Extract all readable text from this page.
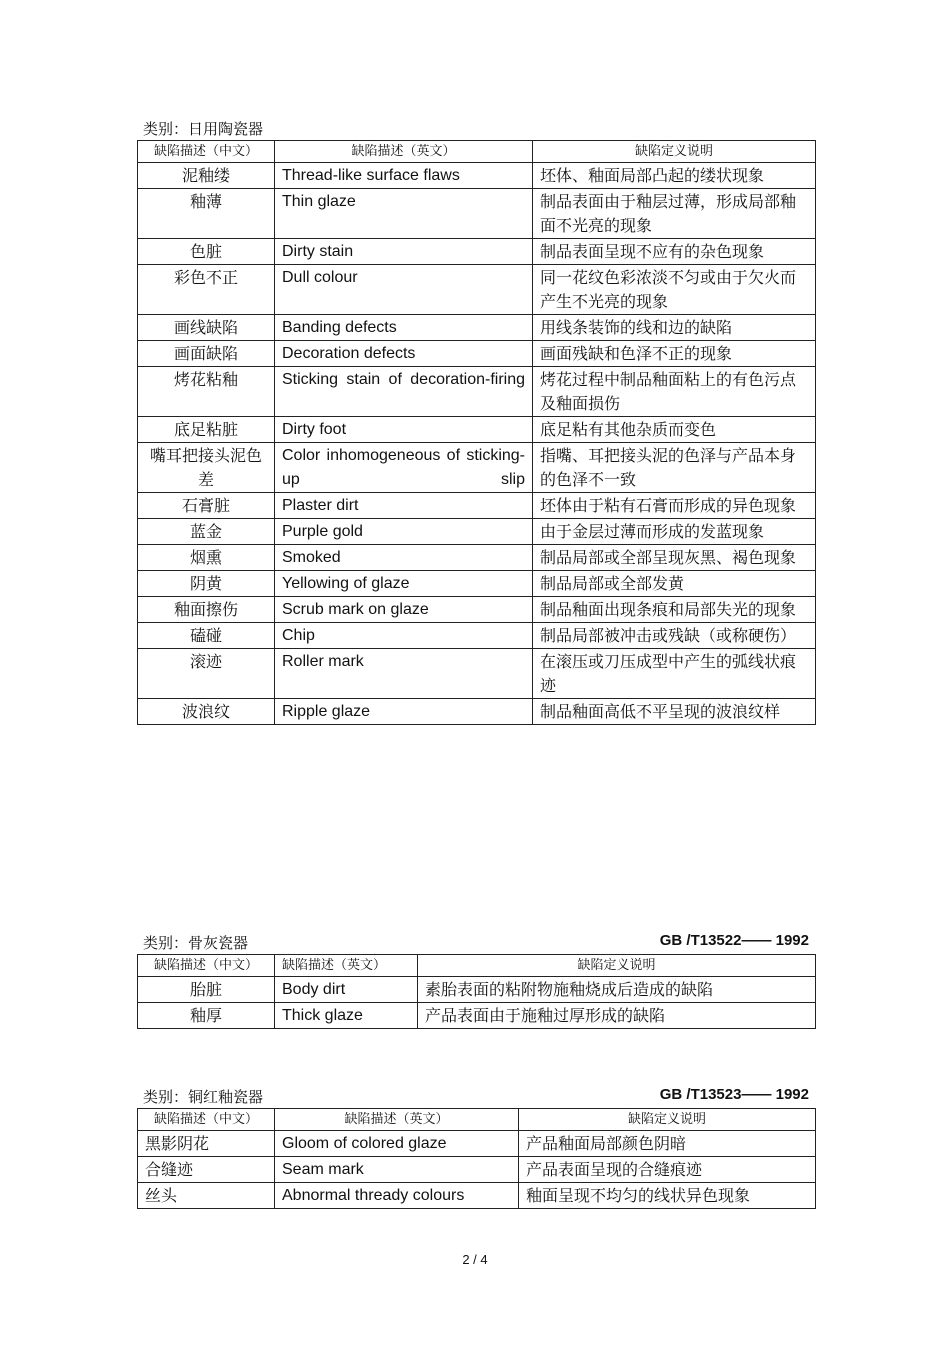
类别：日用陶瓷器
缺陷描述（中文）	缺陷描述（英文）	缺陷定义说明
泥釉缕	Thread-like surface flaws	坯体、釉面局部凸起的缕状现象
釉薄	Thin glaze	制品表面由于釉层过薄，形成局部釉面不光亮的现象
色脏	Dirty stain	制品表面呈现不应有的杂色现象
彩色不正	Dull colour	同一花纹色彩浓淡不匀或由于欠火而产生不光亮的现象
画线缺陷	Banding defects	用线条装饰的线和边的缺陷
画面缺陷	Decoration defects	画面残缺和色泽不正的现象
烤花粘釉	Sticking stain of decoration-firing	烤花过程中制品釉面粘上的有色污点及釉面损伤
底足粘脏	Dirty foot	底足粘有其他杂质而变色
嘴耳把接头泥色差	Color inhomogeneous of sticking-up slip	指嘴、耳把接头泥的色泽与产品本身的色泽不一致
石膏脏	Plaster dirt	坯体由于粘有石膏而形成的异色现象
蓝金	Purple gold	由于金层过薄而形成的发蓝现象
烟熏	Smoked	制品局部或全部呈现灰黑、褐色现象
阴黄	Yellowing of glaze	制品局部或全部发黄
釉面擦伤	Scrub mark on glaze	制品釉面出现条痕和局部失光的现象
磕碰	Chip	制品局部被冲击或残缺（或称硬伤）
滚迹	Roller mark	在滚压或刀压成型中产生的弧线状痕迹
波浪纹	Ripple glaze	制品釉面高低不平呈现的波浪纹样
类别：骨灰瓷器	GB /T13522—— 1992
缺陷描述（中文）	缺陷描述（英文）	缺陷定义说明
胎脏	Body dirt	素胎表面的粘附物施釉烧成后造成的缺陷
釉厚	Thick glaze	产品表面由于施釉过厚形成的缺陷
类别：铜红釉瓷器	GB /T13523—— 1992
缺陷描述（中文）	缺陷描述（英文）	缺陷定义说明
黑影阴花	Gloom of colored glaze	产品釉面局部颜色阴暗
合缝迹	Seam mark	产品表面呈现的合缝痕迹
丝头	Abnormal thready colours	釉面呈现不均匀的线状异色现象
2 / 4
